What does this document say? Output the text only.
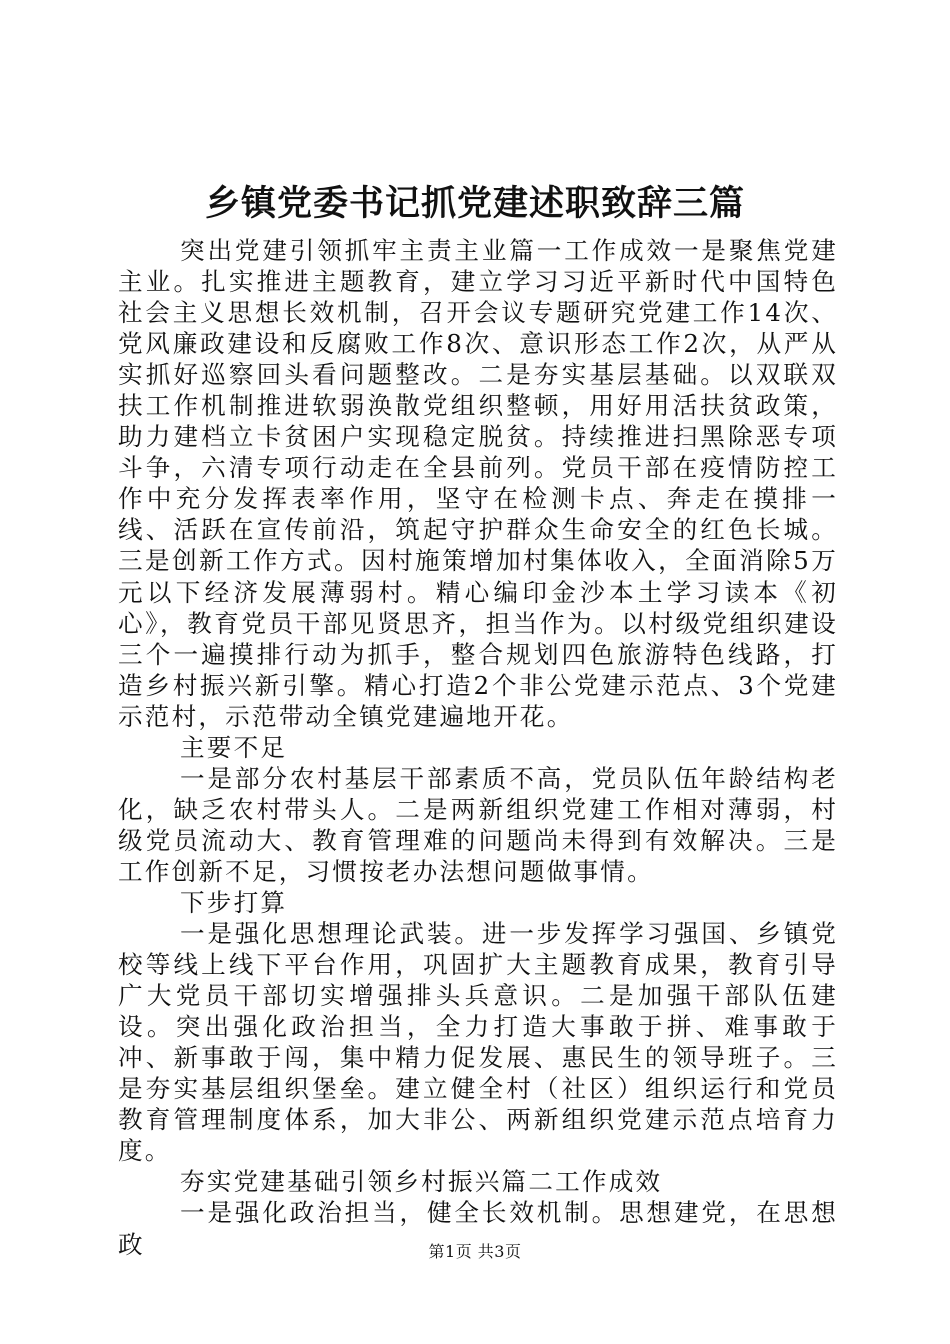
乡镇党委书记抓党建述职致辞三篇

突出党建引领抓牢主责主业篇一工作成效一是聚焦党建主业。扎实推进主题教育，建立学习习近平新时代中国特色社会主义思想长效机制，召开会议专题研究党建工作14次、党风廉政建设和反腐败工作8次、意识形态工作2次，从严从实抓好巡察回头看问题整改。二是夯实基层基础。以双联双扶工作机制推进软弱涣散党组织整顿，用好用活扶贫政策，助力建档立卡贫困户实现稳定脱贫。持续推进扫黑除恶专项斗争，六清专项行动走在全县前列。党员干部在疫情防控工作中充分发挥表率作用，坚守在检测卡点、奔走在摸排一线、活跃在宣传前沿，筑起守护群众生命安全的红色长城。三是创新工作方式。因村施策增加村集体收入，全面消除5万元以下经济发展薄弱村。精心编印金沙本土学习读本《初心》，教育党员干部见贤思齐，担当作为。以村级党组织建设三个一遍摸排行动为抓手，整合规划四色旅游特色线路，打造乡村振兴新引擎。精心打造2个非公党建示范点、3个党建示范村，示范带动全镇党建遍地开花。

主要不足

一是部分农村基层干部素质不高，党员队伍年龄结构老化，缺乏农村带头人。二是两新组织党建工作相对薄弱，村级党员流动大、教育管理难的问题尚未得到有效解决。三是工作创新不足，习惯按老办法想问题做事情。

下步打算

一是强化思想理论武装。进一步发挥学习强国、乡镇党校等线上线下平台作用，巩固扩大主题教育成果，教育引导广大党员干部切实增强排头兵意识。二是加强干部队伍建设。突出强化政治担当，全力打造大事敢于拼、难事敢于冲、新事敢于闯，集中精力促发展、惠民生的领导班子。三是夯实基层组织堡垒。建立健全村（社区）组织运行和党员教育管理制度体系，加大非公、两新组织党建示范点培育力度。

夯实党建基础引领乡村振兴篇二工作成效

一是强化政治担当，健全长效机制。思想建党，在思想政	第1页 共3页
